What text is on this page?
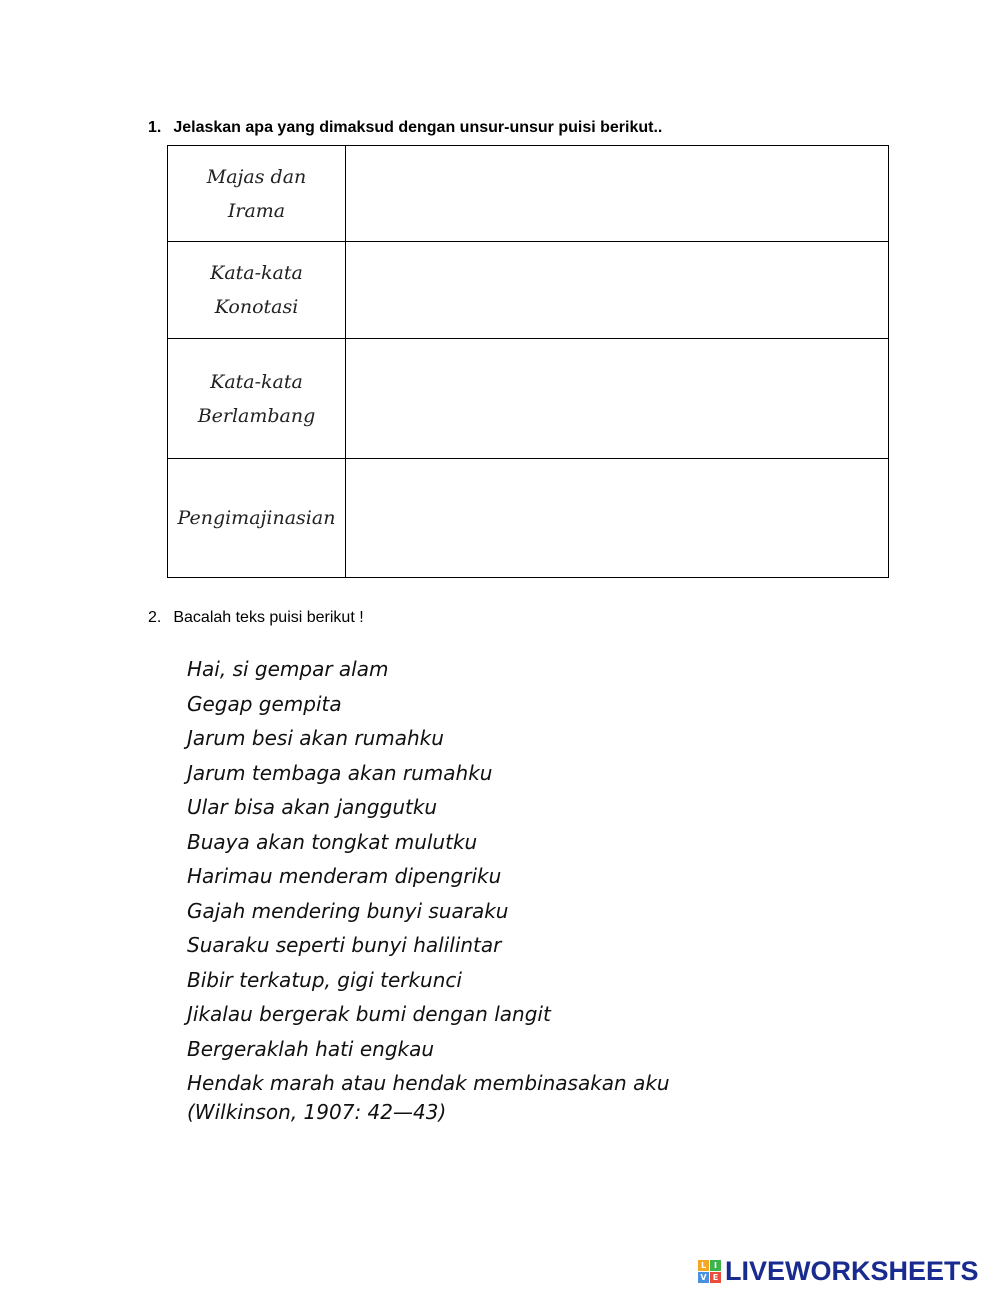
1. Jelaskan apa yang dimaksud dengan unsur-unsur puisi berikut..
Majas dan
Irama	

Kata-kata
Konotasi	

Kata-kata
Berlambang	

Pengimajinasian	

2. Bacalah teks puisi berikut !
Hai, si gempar alam
Gegap gempita
Jarum besi akan rumahku
Jarum tembaga akan rumahku
Ular bisa akan janggutku
Buaya akan tongkat mulutku
Harimau menderam dipengriku
Gajah mendering bunyi suaraku
Suaraku seperti bunyi halilintar
Bibir terkatup, gigi terkunci
Jikalau bergerak bumi dengan langit
Bergeraklah hati engkau
Hendak marah atau hendak membinasakan aku
(Wilkinson, 1907: 42—43)
L I
V E LIVEWORKSHEETS
